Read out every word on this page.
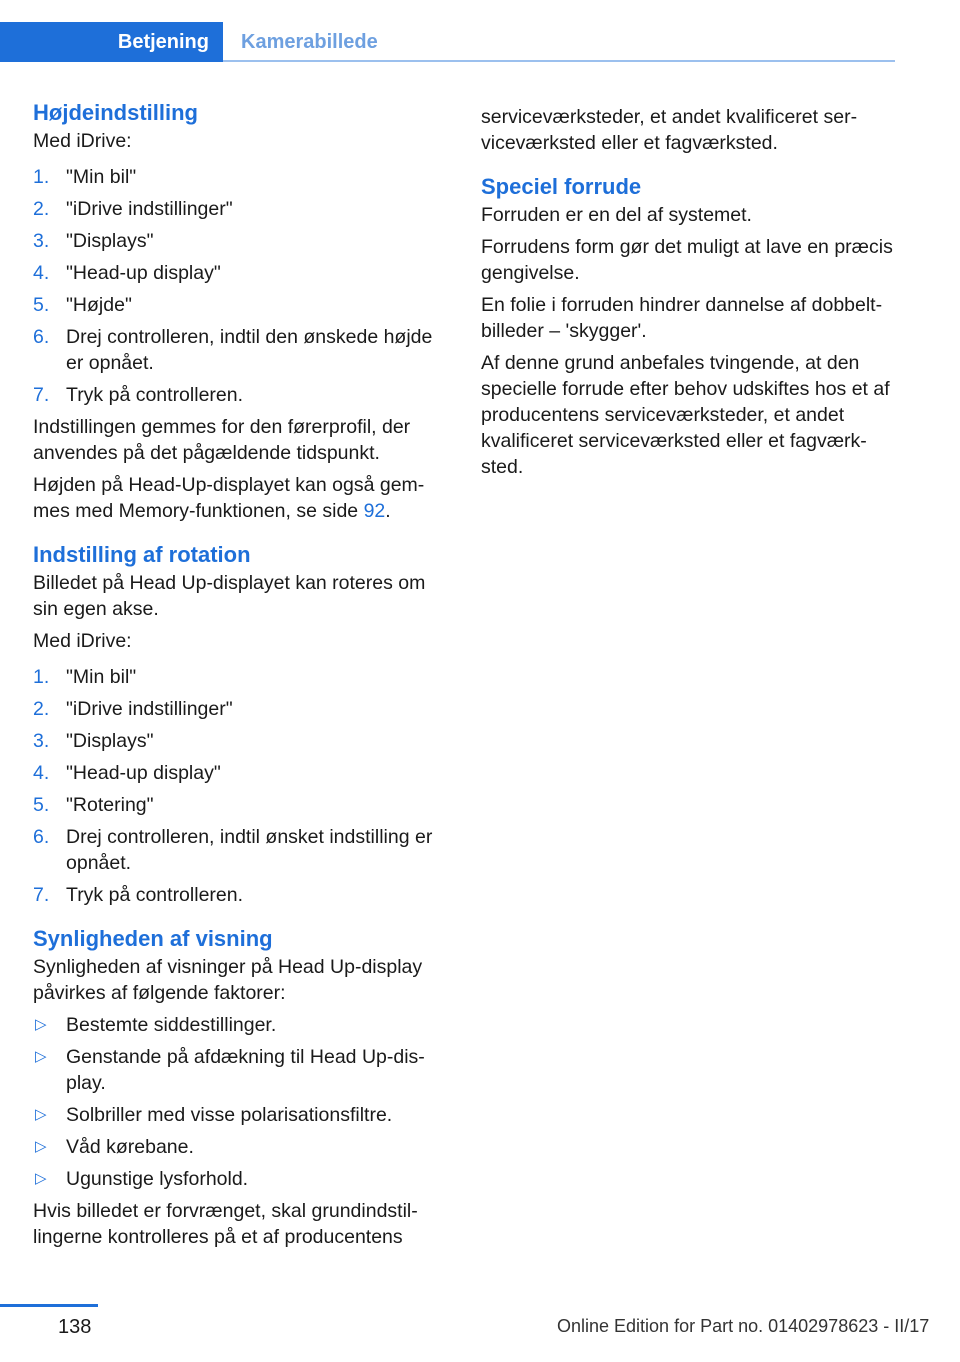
Betjening	Kamerabillede
Højdeindstilling

Med iDrive:

1. "Min bil"
2. "iDrive indstillinger"
3. "Displays"
4. "Head-up display"
5. "Højde"
6. Drej controlleren, indtil den ønskede højde er opnået.
7. Tryk på controlleren.

Indstillingen gemmes for den førerprofil, der anvendes på det pågældende tidspunkt.

Højden på Head-Up-displayet kan også gemmes med Memory-funktionen, se side 92.

Indstilling af rotation

Billedet på Head Up-displayet kan roteres om sin egen akse.

Med iDrive:

1. "Min bil"
2. "iDrive indstillinger"
3. "Displays"
4. "Head-up display"
5. "Rotering"
6. Drej controlleren, indtil ønsket indstilling er opnået.
7. Tryk på controlleren.
Synligheden af visning

Synligheden af visninger på Head Up-display påvirkes af følgende faktorer:

▷ Bestemte siddestillinger.
▷ Genstande på afdækning til Head Up-display.
▷ Solbriller med visse polarisationsfiltre.
▷ Våd kørebane.
▷ Ugunstige lysforhold.

Hvis billedet er forvrænget, skal grundindstillingerne kontrolleres på et af producentens

serviceværksteder, et andet kvalificeret serviceværksted eller et fagværksted.

Speciel forrude

Forruden er en del af systemet.

Forrudens form gør det muligt at lave en præcis gengivelse.

En folie i forruden hindrer dannelse af dobbeltbilleder – 'skygger'.

Af denne grund anbefales tvingende, at den specielle forrude efter behov udskiftes hos et af producentens serviceværksteder, et andet kvalificeret serviceværksted eller et fagværksted.

138	Online Edition for Part no. 01402978623 - II/17
